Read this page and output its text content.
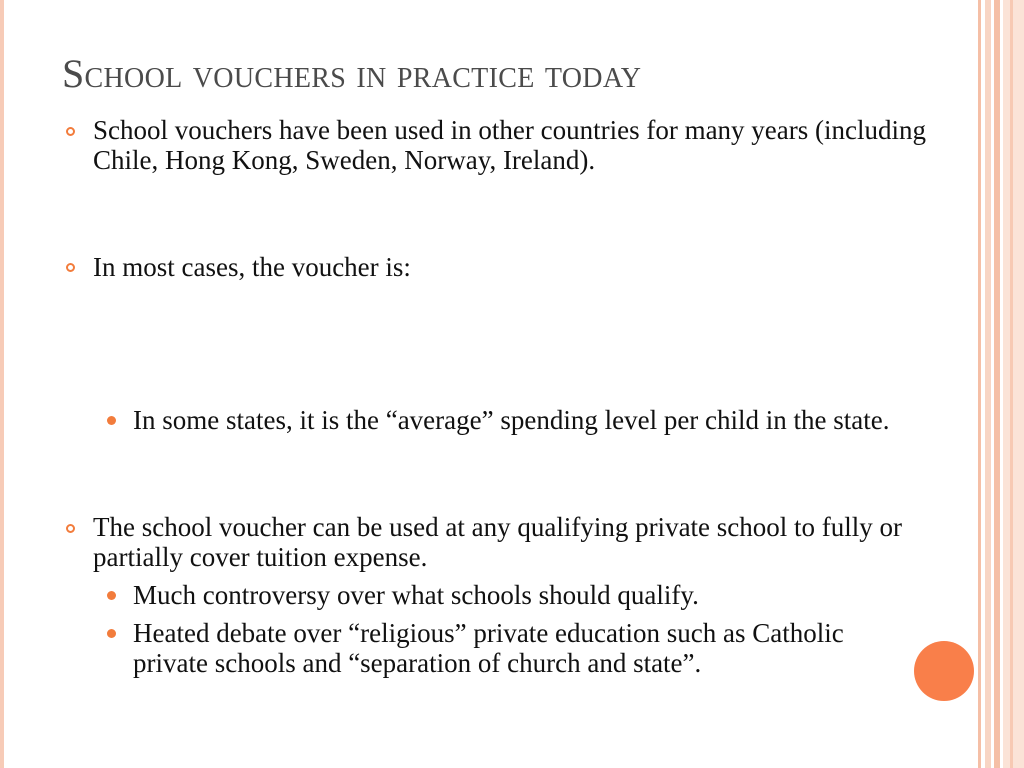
School vouchers in practice today
School vouchers have been used in other countries for many years (including Chile, Hong Kong, Sweden, Norway, Ireland).
In most cases, the voucher is:
In some states, it is the “average” spending level per child in the state.
The school voucher can be used at any qualifying private school to fully or partially cover tuition expense.
Much controversy over what schools should qualify.
Heated debate over “religious” private education such as Catholic private schools and “separation of church and state”.
